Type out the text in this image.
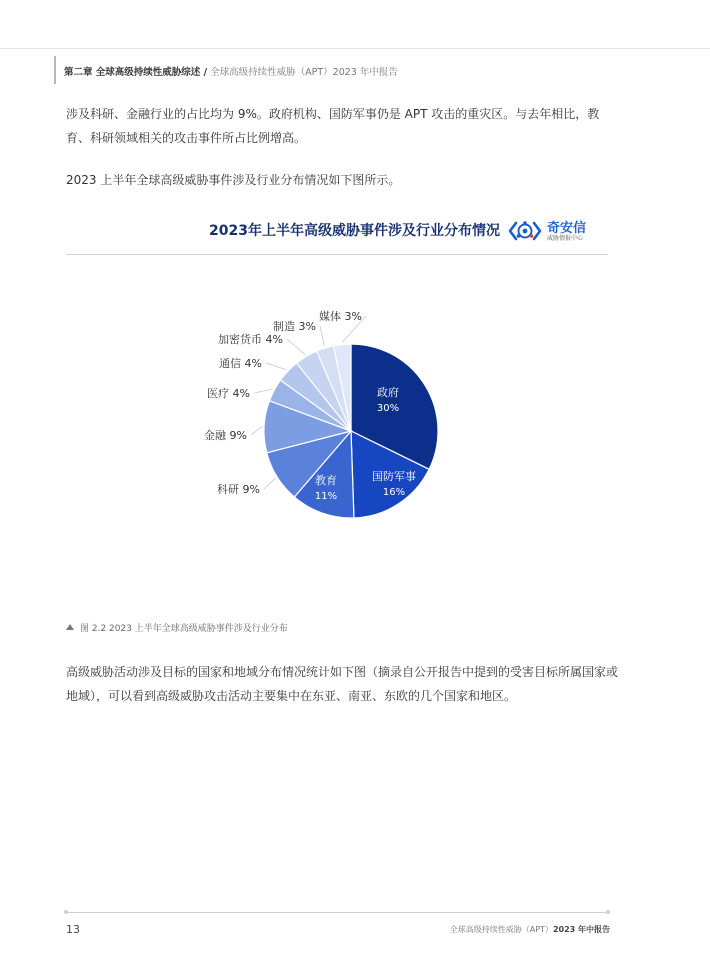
第二章 全球高级持续性威胁综述 / 全球高级持续性威胁（APT）2023 年中报告

涉及科研、金融行业的占比均为 9%。政府机构、国防军事仍是 APT 攻击的重灾区。与去年相比，教育、科研领域相关的攻击事件所占比例增高。

2023 上半年全球高级威胁事件涉及行业分布情况如下图所示。

2023年上半年高级威胁事件涉及行业分布情况	奇安信
威胁情报中心
政府
30%
国防军事
16%
教育
11%
科研 9%
金融 9%
医疗 4%
通信 4%
加密货币 4%
制造 3%
媒体 3%
图 2.2 2023 上半年全球高级威胁事件涉及行业分布

高级威胁活动涉及目标的国家和地域分布情况统计如下图（摘录自公开报告中提到的受害目标所属国家或地域），可以看到高级威胁攻击活动主要集中在东亚、南亚、东欧的几个国家和地区。

13	全球高级持续性威胁（APT）2023 年中报告
